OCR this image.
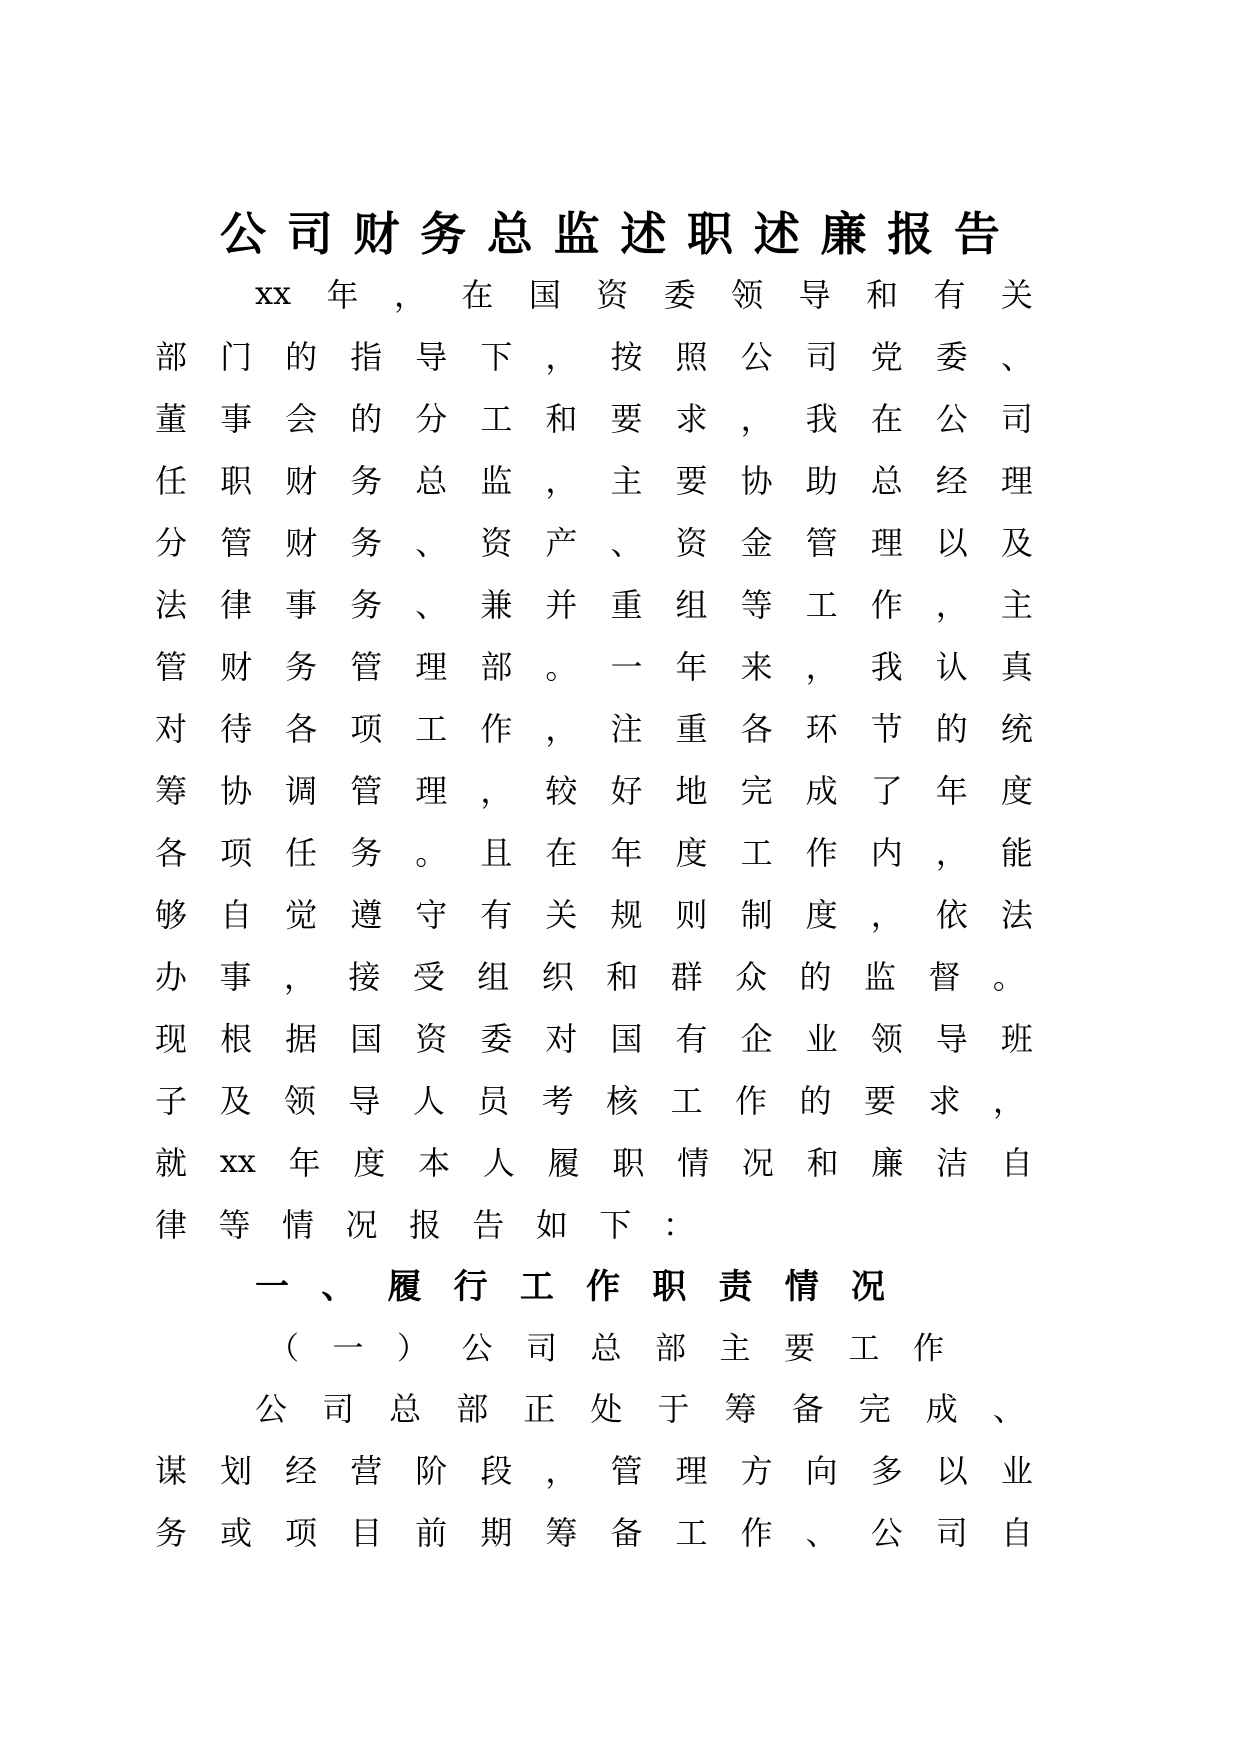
公 司 财 务 总 监 述 职 述 廉 报 告
xx 年 ， 在 国 资 委 领 导 和 有 关
部 门 的 指 导 下 ， 按 照 公 司 党 委 、
董 事 会 的 分 工 和 要 求 ， 我 在 公 司
任 职 财 务 总 监 ， 主 要 协 助 总 经 理
分 管 财 务 、 资 产 、 资 金 管 理 以 及
法 律 事 务 、 兼 并 重 组 等 工 作 ， 主
管 财 务 管 理 部 。 一 年 来 ， 我 认 真
对 待 各 项 工 作 ， 注 重 各 环 节 的 统
筹 协 调 管 理 ， 较 好 地 完 成 了 年 度
各 项 任 务 。 且 在 年 度 工 作 内 ， 能
够 自 觉 遵 守 有 关 规 则 制 度 ， 依 法
办 事 ， 接 受 组 织 和 群 众 的 监 督 。
现 根 据 国 资 委 对 国 有 企 业 领 导 班
子 及 领 导 人 员 考 核 工 作 的 要 求 ，
就 xx 年 度 本 人 履 职 情 况 和 廉 洁 自
律 等 情 况 报 告 如 下 ：
一 、 履 行 工 作 职 责 情 况
（ 一 ） 公 司 总 部 主 要 工 作
公 司 总 部 正 处 于 筹 备 完 成 、
谋 划 经 营 阶 段 ， 管 理 方 向 多 以 业
务 或 项 目 前 期 筹 备 工 作 、 公 司 自
